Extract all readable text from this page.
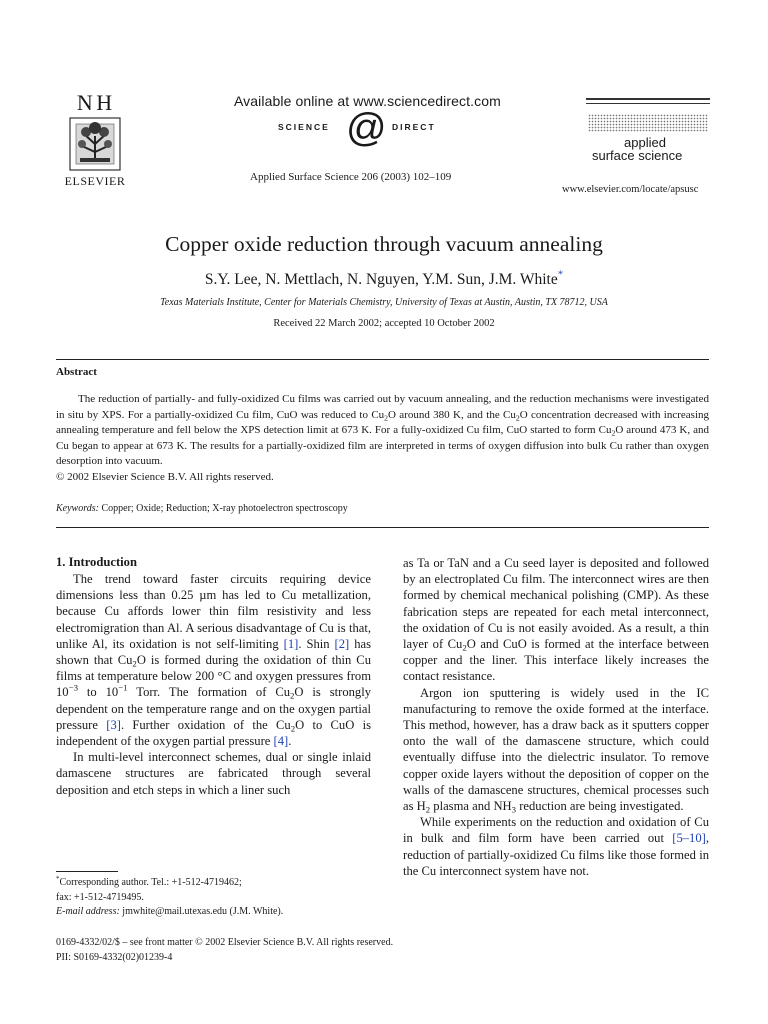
N H
ELSEVIER
Available online at www.sciencedirect.com
SCIENCE @ DIRECT
Applied Surface Science 206 (2003) 102–109
applied
surface science
www.elsevier.com/locate/apsusc
Copper oxide reduction through vacuum annealing
S.Y. Lee, N. Mettlach, N. Nguyen, Y.M. Sun, J.M. White*
Texas Materials Institute, Center for Materials Chemistry, University of Texas at Austin, Austin, TX 78712, USA
Received 22 March 2002; accepted 10 October 2002
Abstract
The reduction of partially- and fully-oxidized Cu films was carried out by vacuum annealing, and the reduction mechanisms were investigated in situ by XPS. For a partially-oxidized Cu film, CuO was reduced to $Cu_2O$ around 380 K, and the $Cu_2O$ concentration decreased with increasing annealing temperature and fell below the XPS detection limit at 673 K. For a fully-oxidized Cu film, CuO started to form $Cu_2O$ around 473 K, and Cu began to appear at 673 K. The results for a partially-oxidized film are interpreted in terms of oxygen diffusion into bulk Cu rather than oxygen desorption into vacuum.
© 2002 Elsevier Science B.V. All rights reserved.
Keywords: Copper; Oxide; Reduction; X-ray photoelectron spectroscopy
1. Introduction

The trend toward faster circuits requiring device dimensions less than 0.25 µm has led to Cu metallization, because Cu affords lower thin film resistivity and less electromigration than Al. A serious disadvantage of Cu is that, unlike Al, its oxidation is not self-limiting [1]. Shin [2] has shown that $Cu_2O$ is formed during the oxidation of thin Cu films at temperature below 200 °C and oxygen pressures from $10^{-3}$ to $10^{-1}$ Torr. The formation of $Cu_2O$ is strongly dependent on the temperature range and on the oxygen partial pressure [3]. Further oxidation of the $Cu_2O$ to CuO is independent of the oxygen partial pressure [4].

In multi-level interconnect schemes, dual or single inlaid damascene structures are fabricated through several deposition and etch steps in which a liner such

as Ta or TaN and a Cu seed layer is deposited and followed by an electroplated Cu film. The interconnect wires are then formed by chemical mechanical polishing (CMP). As these fabrication steps are repeated for each metal interconnect, the oxidation of Cu is not easily avoided. As a result, a thin layer of $Cu_2O$ and CuO is formed at the interface between copper and the liner. This interface likely increases the contact resistance.

Argon ion sputtering is widely used in the IC manufacturing to remove the oxide formed at the interface. This method, however, has a draw back as it sputters copper onto the wall of the damascene structure, which could eventually diffuse into the dielectric insulator. To remove copper oxide layers without the deposition of copper on the walls of the damascene structures, chemical processes such as $H_2$ plasma and $NH_3$ reduction are being investigated.

While experiments on the reduction and oxidation of Cu in bulk and film form have been carried out [5–10], reduction of partially-oxidized Cu films like those formed in the Cu interconnect system have not.

*Corresponding author. Tel.: +1-512-4719462;
fax: +1-512-4719495.
E-mail address: jmwhite@mail.utexas.edu (J.M. White).
0169-4332/02/$ – see front matter © 2002 Elsevier Science B.V. All rights reserved.
PII: S0169-4332(02)01239-4
